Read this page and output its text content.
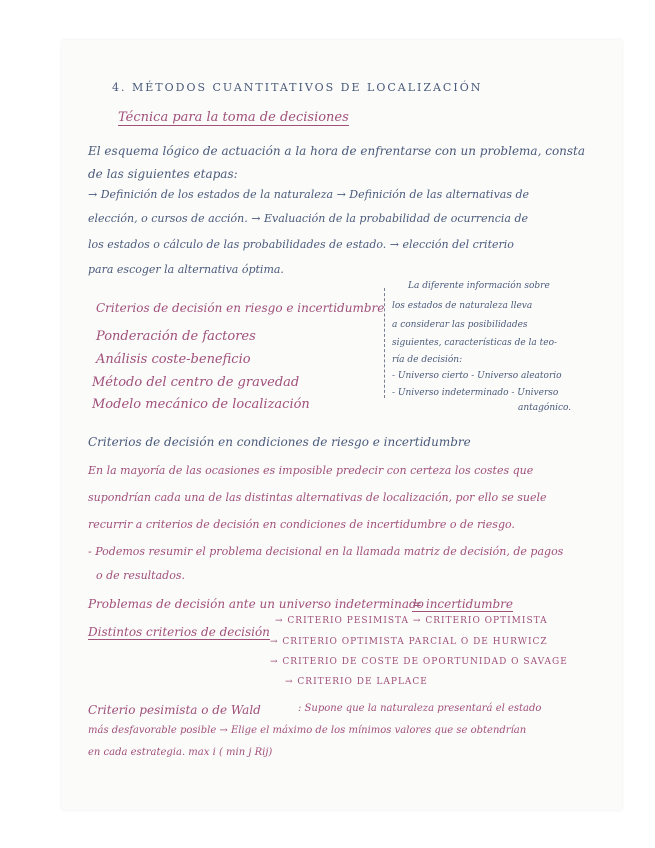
4. MÉTODOS CUANTITATIVOS DE LOCALIZACIÓN
Técnica para la toma de decisiones
El esquema lógico de actuación a la hora de enfrentarse con un problema, consta
de las siguientes etapas:
→ Definición de los estados de la naturaleza → Definición de las alternativas de
elección, o cursos de acción. → Evaluación de la probabilidad de ocurrencia de
los estados o cálculo de las probabilidades de estado. → elección del criterio
para escoger la alternativa óptima.
Criterios de decisión en riesgo e incertidumbre
Ponderación de factores
Análisis coste-beneficio
Método del centro de gravedad
Modelo mecánico de localización
La diferente información sobre
los estados de naturaleza lleva
a considerar las posibilidades
siguientes, características de la teo-
ría de decisión:
- Universo cierto - Universo aleatorio
- Universo indeterminado - Universo
antagónico.
Criterios de decisión en condiciones de riesgo e incertidumbre
En la mayoría de las ocasiones es imposible predecir con certeza los costes que
supondrían cada una de las distintas alternativas de localización, por ello se suele
recurrir a criterios de decisión en condiciones de incertidumbre o de riesgo.
- Podemos resumir el problema decisional en la llamada matriz de decisión, de pagos
o de resultados.
Problemas de decisión ante un universo indeterminado
= incertidumbre
Distintos criterios de decisión
→ CRITERIO PESIMISTA → CRITERIO OPTIMISTA
→ CRITERIO OPTIMISTA PARCIAL O DE HURWICZ
→ CRITERIO DE COSTE DE OPORTUNIDAD O SAVAGE
→ CRITERIO DE LAPLACE
Criterio pesimista o de Wald	: Supone que la naturaleza presentará el estado
más desfavorable posible → Elige el máximo de los mínimos valores que se obtendrían
en cada estrategia. max i ( min j Rij)
